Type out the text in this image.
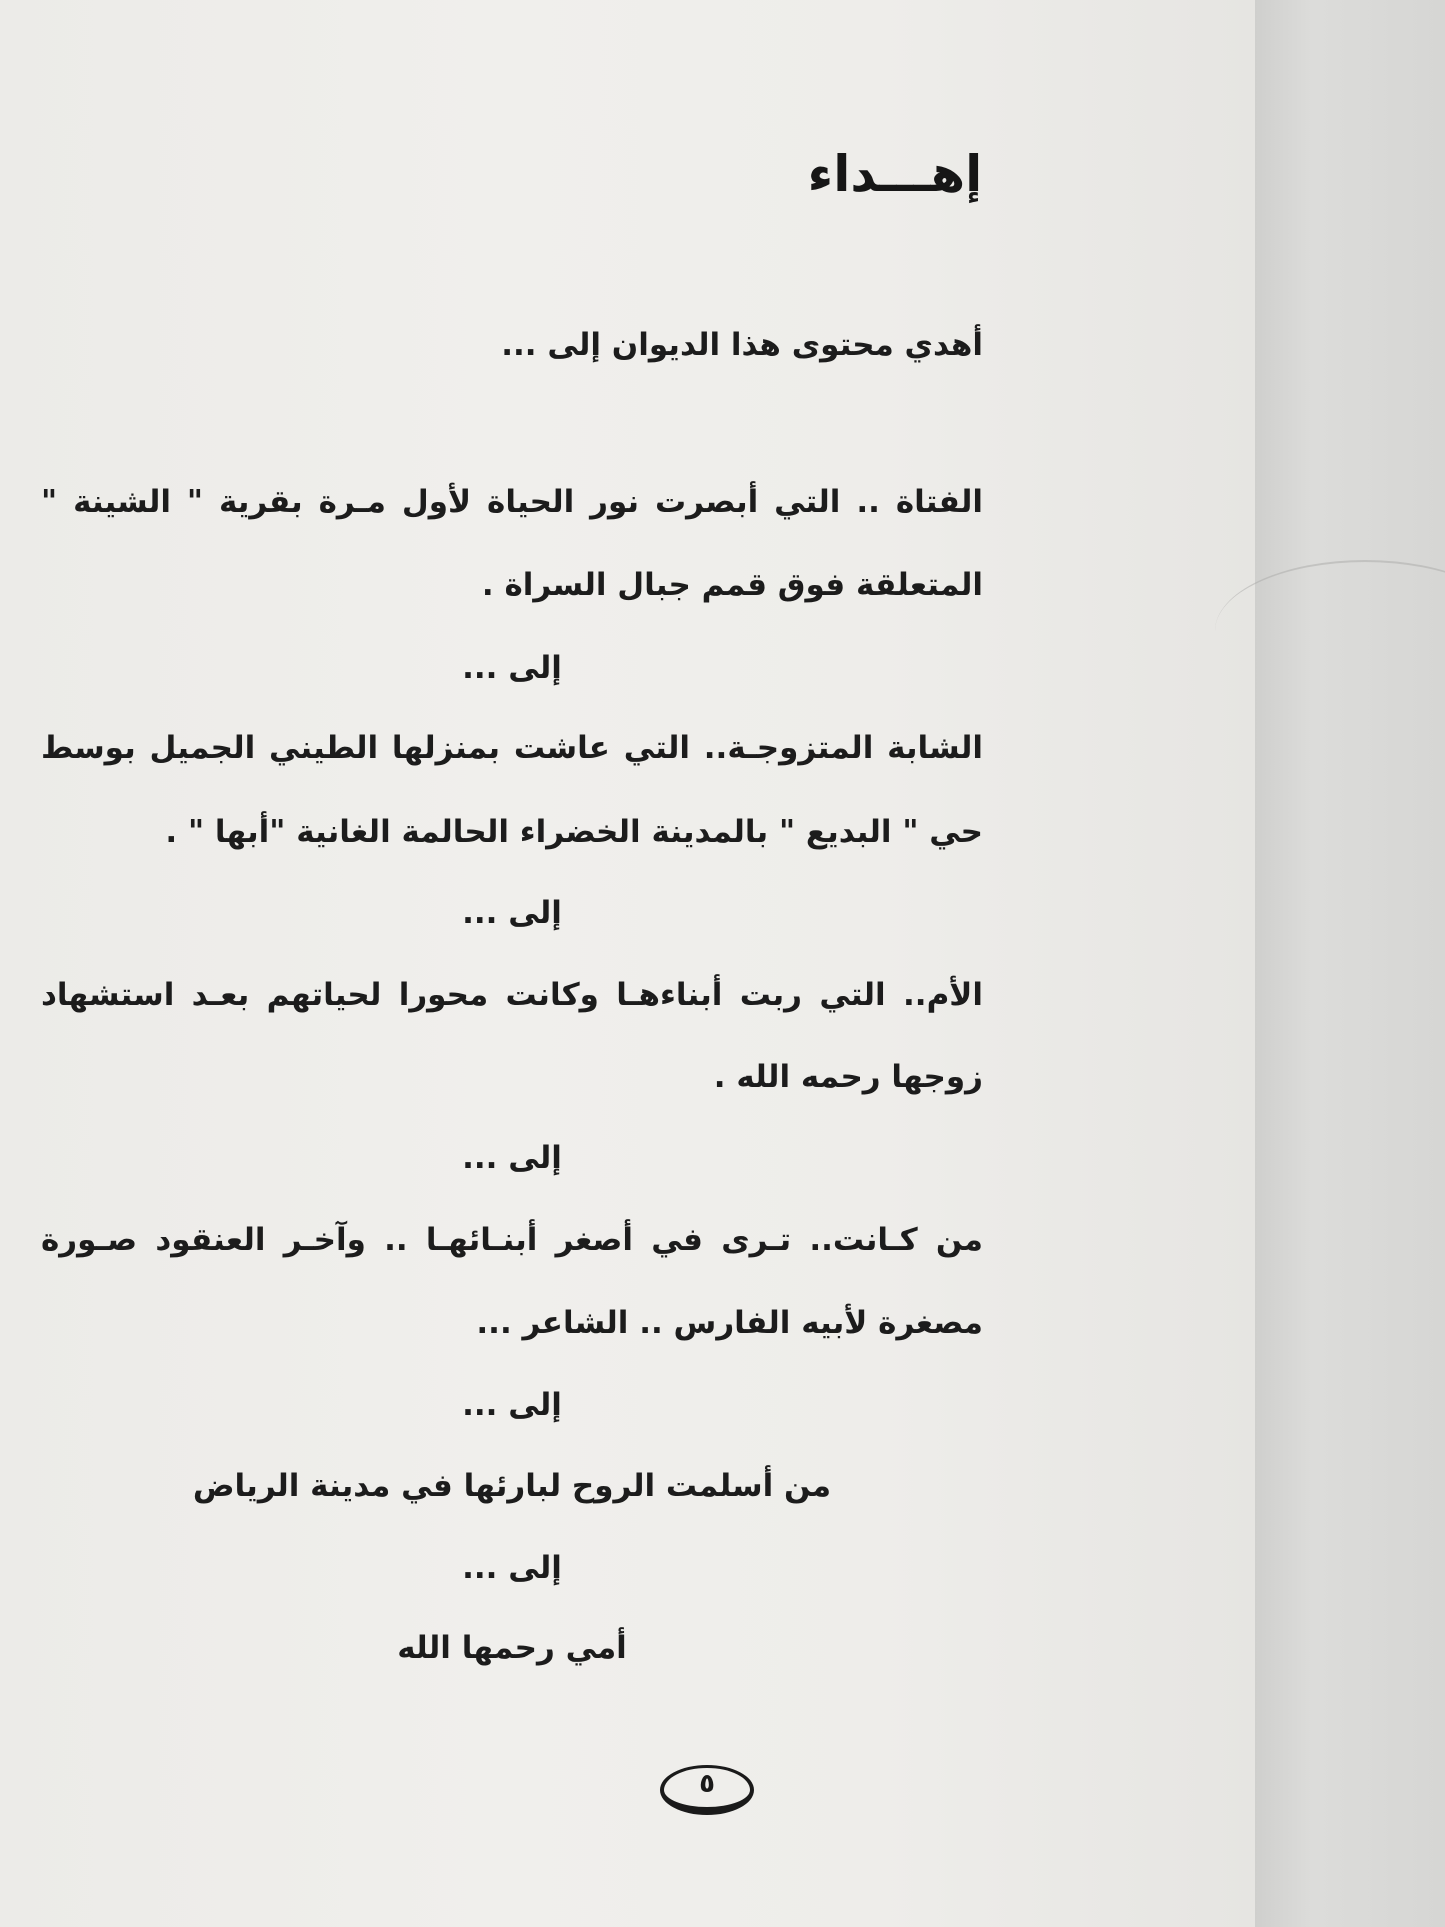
إهـــداء
أهدي محتوى هذا الديوان إلى ...
الفتاة .. التي أبصرت نور الحياة لأول مـرة بقرية " الشينة "
المتعلقة فوق قمم جبال السراة .
إلى ...
الشابة المتزوجـة.. التي عاشت بمنزلها الطيني الجميل بوسط
حي " البديع " بالمدينة الخضراء الحالمة الغانية "أبها " .
إلى ...
الأم.. التي ربت أبناءهـا وكانت محورا لحياتهم بعـد استشهاد
زوجها رحمه الله .
إلى ...
من كـانت.. تـرى في أصغر أبنـائهـا .. وآخـر العنقود صـورة
مصغرة لأبيه الفارس .. الشاعر ...
إلى ...
من أسلمت الروح لبارئها في مدينة الرياض
إلى ...
أمي رحمها الله
٥
